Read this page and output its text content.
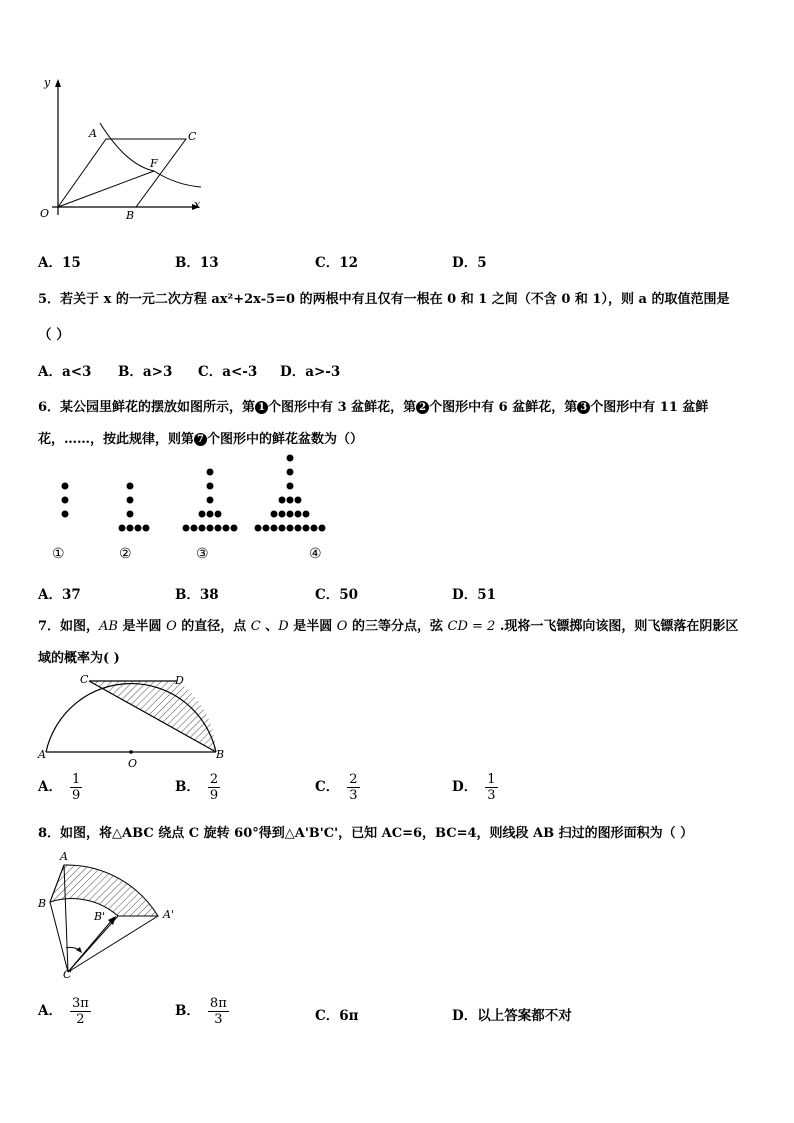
y
x
A	C
F
O	B
A．15	B．13	C．12	D．5
5．若关于 x 的一元二次方程 ax²+2x-5=0 的两根中有且仅有一根在 0 和 1 之间（不含 0 和 1），则 a 的取值范围是
（ ）
A．a<3 B．a>3 C．a<-3 D．a>-3
6．某公园里鲜花的摆放如图所示，第 1 个图形中有 3 盆鲜花，第 2 个图形中有 6 盆鲜花，第 3 个图形中有 11 盆鲜
花，……，按此规律，则第 7 个图形中的鲜花盆数为（）
①	②	③	④
A．37	B．38	C．50	D．51
7．如图，AB 是半圆 O 的直径，点 C 、D 是半圆 O 的三等分点，弦 CD = 2 .现将一飞镖掷向该图，则飞镖落在阴影区
域的概率为( )
C	D
A
O
B
A． $\frac{1}{9}$	B． $\frac{2}{9}$	C． $\frac{2}{3}$	D． $\frac{1}{3}$
8．如图，将△ABC 绕点 C 旋转 60°得到△A'B'C'，已知 AC=6，BC=4，则线段 AB 扫过的图形面积为（ ）
A
B
B'	A'
C
A． $\frac{3\pi}{2}$	B． $\frac{8\pi}{3}$	C．6π	D．以上答案都不对
